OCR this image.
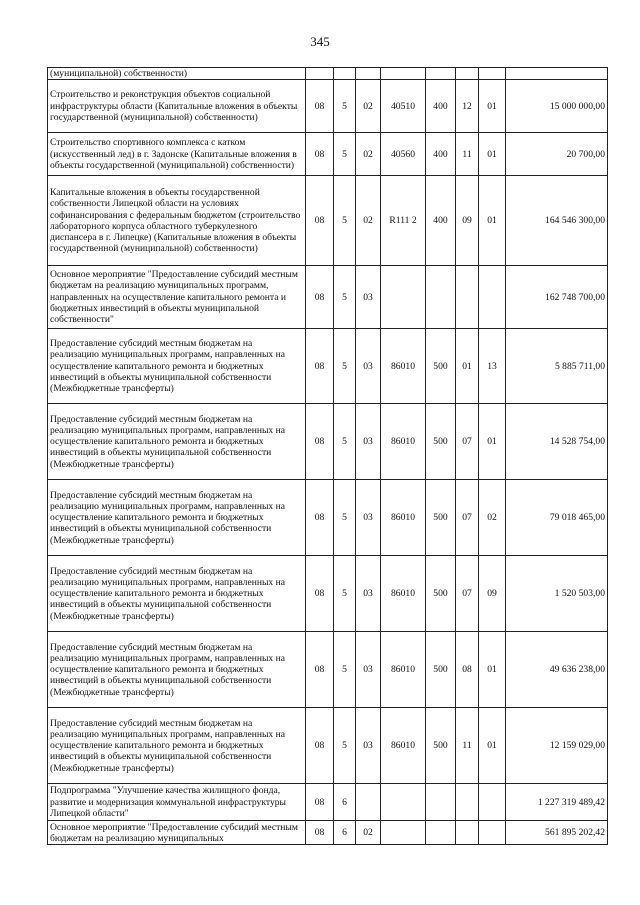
345
(муниципальной) собственности)								
Строительство и реконструкция объектов социальной инфраструктуры области (Капитальные вложения в объекты государственной (муниципальной) собственности)	08	5	02	40510	400	12	01	15 000 000,00
Строительство спортивного комплекса с катком (искусственный лед) в г. Задонске (Капитальные вложения в объекты государственной (муниципальной) собственности)	08	5	02	40560	400	11	01	20 700,00
Капитальные вложения в объекты государственной собственности Липецкой области на условиях софинансирования с федеральным бюджетом (строительство лабораторного корпуса областного туберкулезного диспансера в г. Липецке) (Капитальные вложения в объекты государственной (муниципальной) собственности)	08	5	02	R111 2	400	09	01	164 546 300,00
Основное мероприятие "Предоставление субсидий местным бюджетам на реализацию муниципальных программ, направленных на осуществление капитального ремонта и бюджетных инвестиций в объекты муниципальной собственности"	08	5	03					162 748 700,00
Предоставление субсидий местным бюджетам на реализацию муниципальных программ, направленных на осуществление капитального ремонта и бюджетных инвестиций в объекты муниципальной собственности (Межбюджетные трансферты)	08	5	03	86010	500	01	13	5 885 711,00
Предоставление субсидий местным бюджетам на реализацию муниципальных программ, направленных на осуществление капитального ремонта и бюджетных инвестиций в объекты муниципальной собственности (Межбюджетные трансферты)	08	5	03	86010	500	07	01	14 528 754,00
Предоставление субсидий местным бюджетам на реализацию муниципальных программ, направленных на осуществление капитального ремонта и бюджетных инвестиций в объекты муниципальной собственности (Межбюджетные трансферты)	08	5	03	86010	500	07	02	79 018 465,00
Предоставление субсидий местным бюджетам на реализацию муниципальных программ, направленных на осуществление капитального ремонта и бюджетных инвестиций в объекты муниципальной собственности (Межбюджетные трансферты)	08	5	03	86010	500	07	09	1 520 503,00
Предоставление субсидий местным бюджетам на реализацию муниципальных программ, направленных на осуществление капитального ремонта и бюджетных инвестиций в объекты муниципальной собственности (Межбюджетные трансферты)	08	5	03	86010	500	08	01	49 636 238,00
Предоставление субсидий местным бюджетам на реализацию муниципальных программ, направленных на осуществление капитального ремонта и бюджетных инвестиций в объекты муниципальной собственности (Межбюджетные трансферты)	08	5	03	86010	500	11	01	12 159 029,00
Подпрограмма "Улучшение качества жилищного фонда, развитие и модернизация коммунальной инфраструктуры Липецкой области"	08	6						1 227 319 489,42
Основное мероприятие "Предоставление субсидий местным бюджетам на реализацию муниципальных	08	6	02					561 895 202,42
